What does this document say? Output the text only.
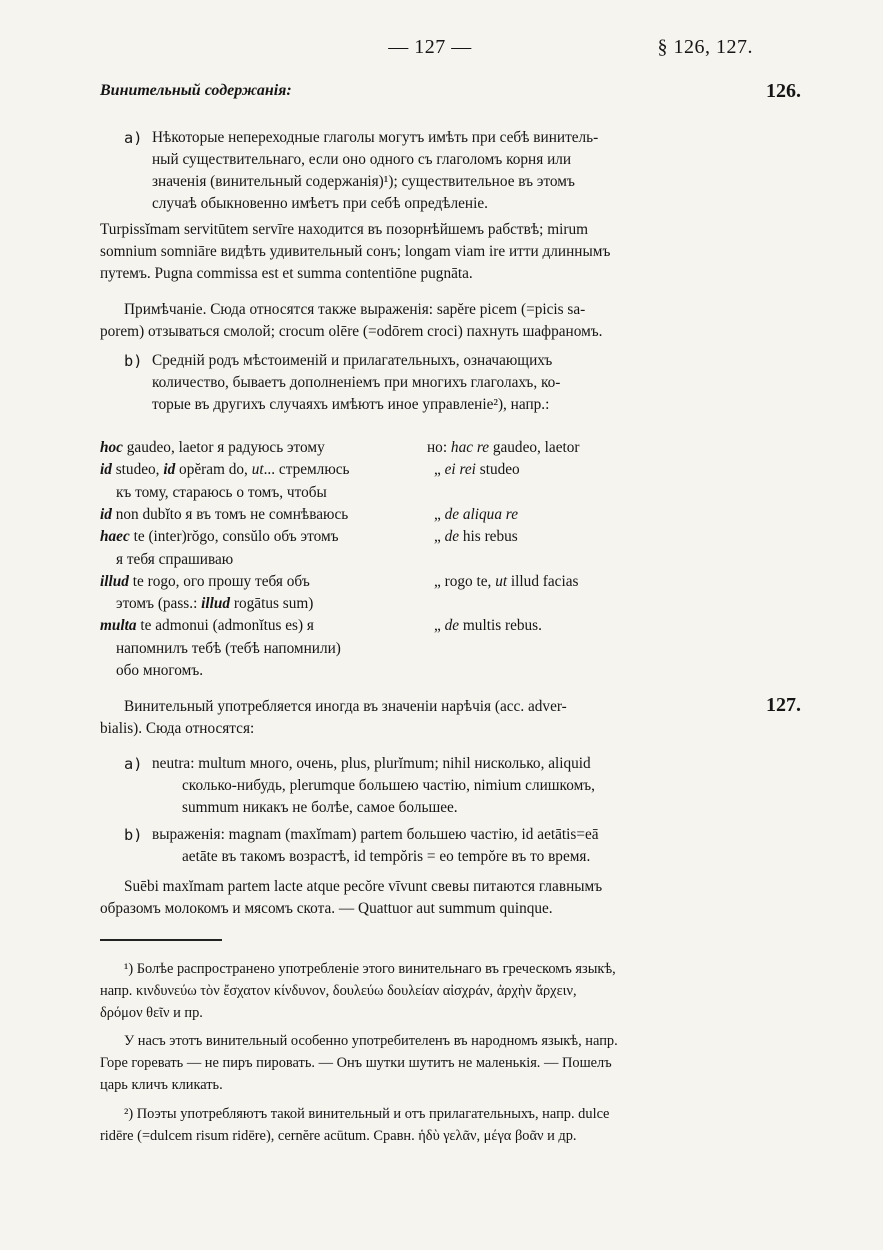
— 127 —	§ 126, 127.
Винительный содержанія:	126.
a) Нѣкоторые непереходные глаголы могутъ имѣть при себѣ винитель-
ный существительнаго, если оно одного съ глаголомъ корня или
значенія (винительный содержанія)¹); существительное въ этомъ
случаѣ обыкновенно имѣетъ при себѣ опредѣленіе.
Turpissĭmam servitūtem servīre находится въ позорнѣйшемъ рабствѣ; mirum
somnium somniāre видѣть удивительный сонъ; longam viam ire итти длиннымъ
путемъ. Pugna commissa est et summa contentiōne pugnāta.
Примѣчаніе. Сюда относятся также выраженія: sapĕre picem (=picis sa-
porem) отзываться смолой; crocum olēre (=odōrem croci) пахнуть шафраномъ.
b) Средній родъ мѣстоименій и прилагательныхъ, означающихъ
количество, бываетъ дополненіемъ при многихъ глаголахъ, ко-
торые въ другихъ случаяхъ имѣютъ иное управленіе²), напр.:
hoc gaudeo, laetor я радуюсь этому
id studeo, id opĕram do, ut... стремлюсь
къ тому, стараюсь о томъ, чтобы
id non dubĭto я въ томъ не сомнѣваюсь
haec te (inter)rŏgo, consŭlo объ этомъ
я тебя спрашиваю
illud te rogo, ого прошу тебя объ
этомъ (pass.: illud rogātus sum)
multa te admonui (admonĭtus es) я
напомнилъ тебѣ (тебѣ напомнили)
обо многомъ.
но: hac re gaudeo, laetor
„ ei rei studeo
„ de aliqua re
„ de his rebus
„ rogo te, ut illud facias
„ de multis rebus.
127.
Винительный употребляется иногда въ значеніи нарѣчія (acc. adver-
bialis). Сюда относятся:
a) neutra: multum много, очень, plus, plurĭmum; nihil нисколько, aliquid
сколько-нибудь, plerumque большею частію, nimium слишкомъ,
summum никакъ не болѣе, самое большее.
b) выраженія: magnam (maxĭmam) partem большею частію, id aetātis=eā
aetāte въ такомъ возрастѣ, id tempŏris = eo tempŏre въ то время.
Suēbi maxĭmam partem lacte atque pecŏre vīvunt свевы питаются главнымъ
образомъ молокомъ и мясомъ скота. — Quattuor aut summum quinque.
¹) Болѣе распространено употребленіе этого винительнаго въ греческомъ языкѣ,
напр. κινδυνεύω τὸν ἔσχατον κίνδυνον, δουλεύω δουλείαν αἰσχράν, ἀρχὴν ἄρχειν,
δρόμον θεῖν и пр.
У насъ этотъ винительный особенно употребителенъ въ народномъ языкѣ, напр.
Горе горевать — не пиръ пировать. — Онъ шутки шутитъ не маленькія. — Пошелъ
царь кличъ кликать.
²) Поэты употребляютъ такой винительный и отъ прилагательныхъ, напр. dulce
ridēre (=dulcem risum ridēre), cernĕre acūtum. Сравн. ἡδὺ γελᾶν, μέγα βοᾶν и др.
